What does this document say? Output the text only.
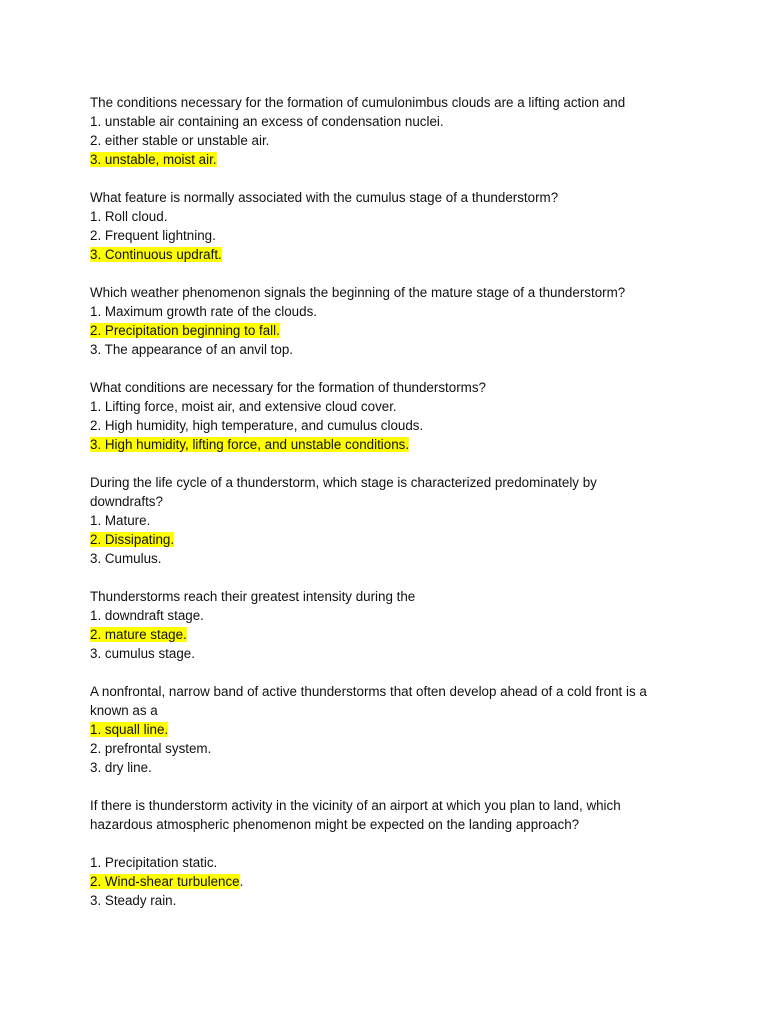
The conditions necessary for the formation of cumulonimbus clouds are a lifting action and
1. unstable air containing an excess of condensation nuclei.
2. either stable or unstable air.
3. unstable, moist air.
What feature is normally associated with the cumulus stage of a thunderstorm?
1. Roll cloud.
2. Frequent lightning.
3. Continuous updraft.
Which weather phenomenon signals the beginning of the mature stage of a thunderstorm?
1. Maximum growth rate of the clouds.
2. Precipitation beginning to fall.
3. The appearance of an anvil top.
What conditions are necessary for the formation of thunderstorms?
1. Lifting force, moist air, and extensive cloud cover.
2. High humidity, high temperature, and cumulus clouds.
3. High humidity, lifting force, and unstable conditions.
During the life cycle of a thunderstorm, which stage is characterized predominately by
downdrafts?
1. Mature.
2. Dissipating.
3. Cumulus.
Thunderstorms reach their greatest intensity during the
1. downdraft stage.
2. mature stage.
3. cumulus stage.
A nonfrontal, narrow band of active thunderstorms that often develop ahead of a cold front is a
known as a
1. squall line.
2. prefrontal system.
3. dry line.
If there is thunderstorm activity in the vicinity of an airport at which you plan to land, which
hazardous atmospheric phenomenon might be expected on the landing approach?
1. Precipitation static.
2. Wind-shear turbulence.
3. Steady rain.
